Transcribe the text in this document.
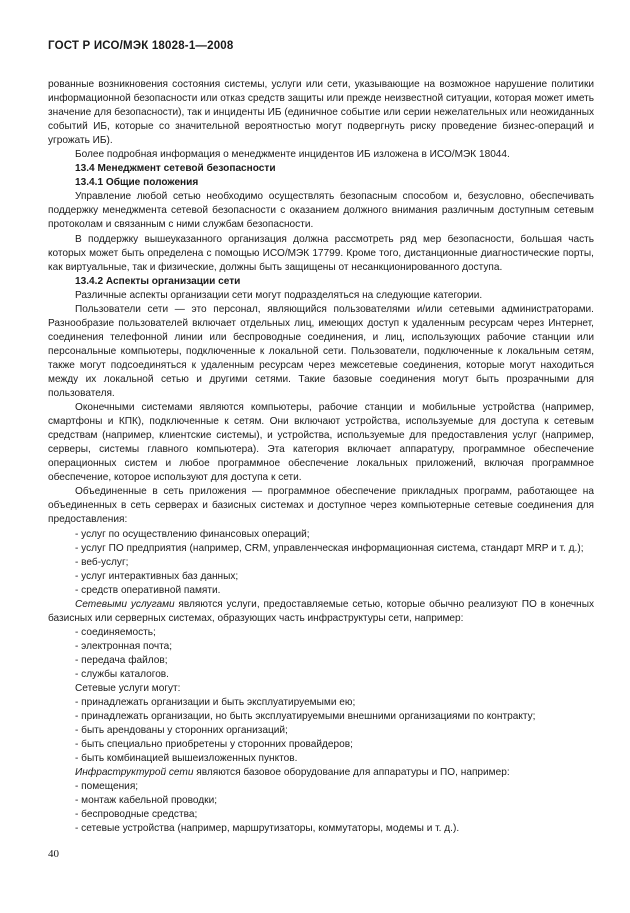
ГОСТ Р ИСО/МЭК 18028-1—2008

рованные возникновения состояния системы, услуги или сети, указывающие на возможное нарушение политики информационной безопасности или отказ средств защиты или прежде неизвестной ситуации, которая может иметь значение для безопасности), так и инциденты ИБ (единичное событие или серии нежелательных или неожиданных событий ИБ, которые со значительной вероятностью могут подвергнуть риску проведение бизнес-операций и угрожать ИБ).

Более подробная информация о менеджменте инцидентов ИБ изложена в ИСО/МЭК 18044.

13.4 Менеджмент сетевой безопасности

13.4.1 Общие положения

Управление любой сетью необходимо осуществлять безопасным способом и, безусловно, обеспечивать поддержку менеджмента сетевой безопасности с оказанием должного внимания различным доступным сетевым протоколам и связанным с ними службам безопасности.

В поддержку вышеуказанного организация должна рассмотреть ряд мер безопасности, большая часть которых может быть определена с помощью ИСО/МЭК 17799. Кроме того, дистанционные диагностические порты, как виртуальные, так и физические, должны быть защищены от несанкционированного доступа.

13.4.2 Аспекты организации сети

Различные аспекты организации сети могут подразделяться на следующие категории.

Пользователи сети — это персонал, являющийся пользователями и/или сетевыми администраторами. Разнообразие пользователей включает отдельных лиц, имеющих доступ к удаленным ресурсам через Интернет, соединения телефонной линии или беспроводные соединения, и лиц, использующих рабочие станции или персональные компьютеры, подключенные к локальной сети. Пользователи, подключенные к локальным сетям, также могут подсоединяться к удаленным ресурсам через межсетевые соединения, которые могут находиться между их локальной сетью и другими сетями. Такие базовые соединения могут быть прозрачными для пользователя.

Оконечными системами являются компьютеры, рабочие станции и мобильные устройства (например, смартфоны и КПК), подключенные к сетям. Они включают устройства, используемые для доступа к сетевым средствам (например, клиентские системы), и устройства, используемые для предоставления услуг (например, серверы, системы главного компьютера). Эта категория включает аппаратуру, программное обеспечение операционных систем и любое программное обеспечение локальных приложений, включая программное обеспечение, которое используют для доступа к сети.

Объединенные в сеть приложения — программное обеспечение прикладных программ, работающее на объединенных в сеть серверах и базисных системах и доступное через компьютерные сетевые соединения для предоставления:

- услуг по осуществлению финансовых операций;

- услуг ПО предприятия (например, CRM, управленческая информационная система, стандарт MRP и т. д.);

- веб-услуг;

- услуг интерактивных баз данных;

- средств оперативной памяти.

Сетевыми услугами являются услуги, предоставляемые сетью, которые обычно реализуют ПО в конечных базисных или серверных системах, образующих часть инфраструктуры сети, например:

- соединяемость;

- электронная почта;

- передача файлов;

- службы каталогов.

Сетевые услуги могут:

- принадлежать организации и быть эксплуатируемыми ею;

- принадлежать организации, но быть эксплуатируемыми внешними организациями по контракту;

- быть арендованы у сторонних организаций;

- быть специально приобретены у сторонних провайдеров;

- быть комбинацией вышеизложенных пунктов.

Инфраструктурой сети являются базовое оборудование для аппаратуры и ПО, например:

- помещения;

- монтаж кабельной проводки;

- беспроводные средства;

- сетевые устройства (например, маршрутизаторы, коммутаторы, модемы и т. д.).

40
